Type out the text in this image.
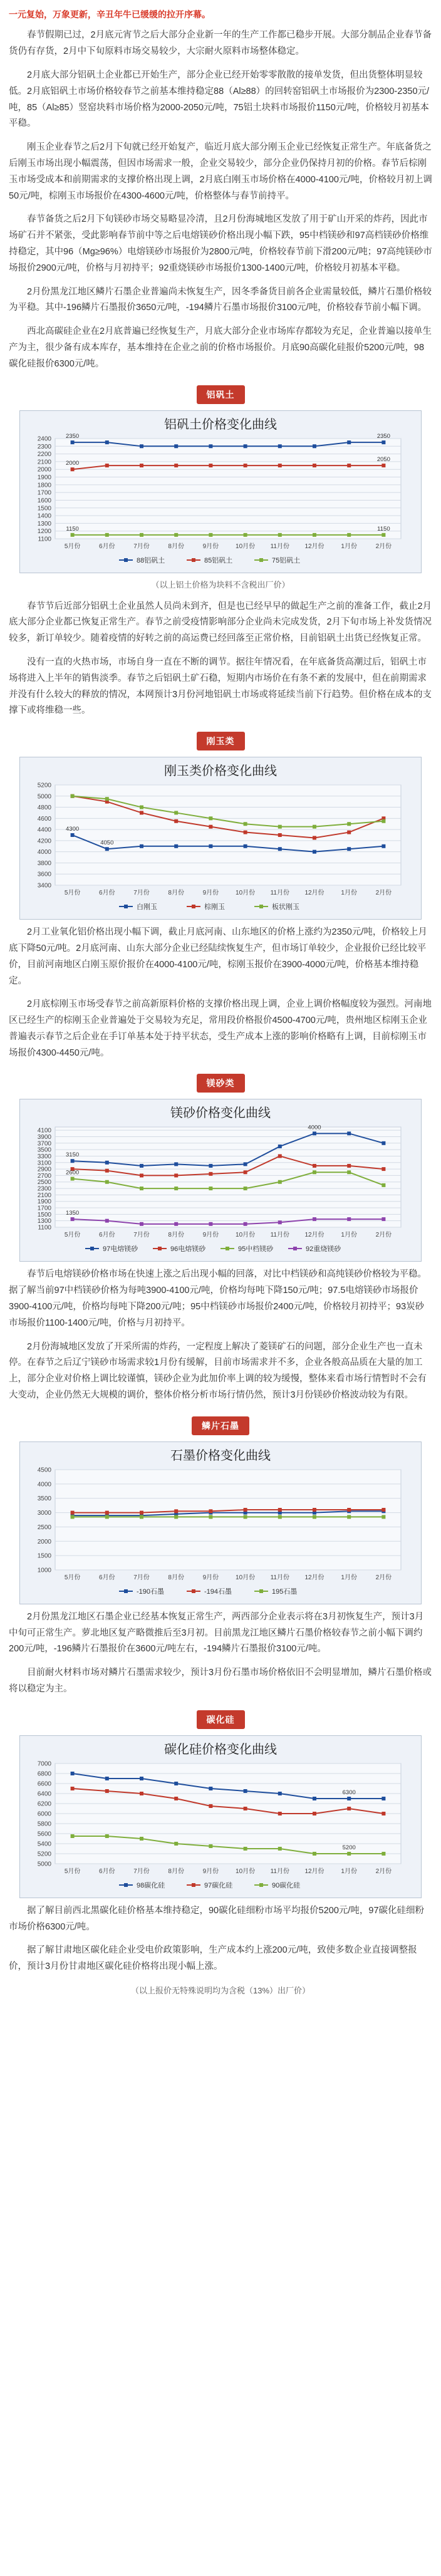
一元复始，万象更新，辛丑年牛已缓缓的拉开序幕。

春节假期已过，2月底元宵节之后大部分企业新一年的生产工作都已稳步开展。大部分制品企业春节备货仍有存货，2月中下旬原料市场交易较少，大宗耐火原料市场整体稳定。

2月底大部分铝矾土企业都已开始生产，部分企业已经开始零零散散的接单发货，但出货整体明显较低。2月底铝矾土市场价格较春节之前基本维持稳定88（Al≥88）的回转窑铝矾土市场报价为2300-2350元/吨，85（Al≥85）竖窑块料市场价格为2000-2050元/吨，75铝土块料市场报价1150元/吨，价格较月初基本平稳。

刚玉企业春节之后2月下旬就已经开始复产，临近月底大部分刚玉企业已经恢复正常生产。年底备货之后刚玉市场出现小幅震荡，但因市场需求一般，企业交易较少，部分企业仍保持月初的价格。春节后棕刚玉市场受成本和前期需求的支撑价格出现上调，2月底白刚玉市场价格在4000-4100元/吨，价格较月初上调50元/吨，棕刚玉市场报价在4300-4600元/吨，价格整体与春节前持平。

春节备货之后2月下旬镁砂市场交易略显冷清，且2月份海城地区发放了用于矿山开采的炸药，因此市场矿石并不紧张，受此影响春节前中等之后电熔镁砂价格出现小幅下跌，95中档镁砂和97高档镁砂价格维持稳定，其中96（Mg≥96%）电熔镁砂市场报价为2800元/吨，价格较春节前下滑200元/吨；97高纯镁砂市场报价2900元/吨，价格与月初持平；92重烧镁砂市场报价1300-1400元/吨，价格较月初基本平稳。

2月份黑龙江地区鳞片石墨企业普遍尚未恢复生产，因冬季备货目前各企业需量较低，鳞片石墨价格较为平稳。其中-196鳞片石墨报价3650元/吨，-194鳞片石墨市场报价3100元/吨，价格较春节前小幅下调。

西北高碳硅企业在2月底普遍已经恢复生产，月底大部分企业市场库存都较为充足，企业普遍以接单生产为主，很少备有成本库存，基本维持在企业之前的价格市场报价。月底90高碳化硅报价5200元/吨，98碳化硅报价6300元/吨。

铝矾土
铝矾土价格变化曲线
1100
1200
1300
1400
1500
1600
1700
1800
1900
2000
2100
2200
2300
2400
5月份	6月份	7月份	8月份	9月份	10月份 11月份 12月份	1月份	2月份
2350	2350
2000
2050
1150	1150
88铝矾土	85铝矾土	75铝矾土
（以上铝土价格为块料不含税出厂价）

春节节后近部分铝矾土企业虽然人员尚未到齐，但是也已经早早的做起生产之前的准备工作，截止2月底大部分企业都已恢复正常生产。春节之前受疫情影响部分企业尚未完成发货，2月下旬市场上补发货情况较多，新订单较少。随着疫情的好转之前的高运费已经回落至正常价格，目前铝矾土出货已经恢复正常。

没有一直的火热市场，市场自身一直在不断的调节。据往年情况看，在年底备货高潮过后，铝矾土市场将进入上半年的销售淡季。春节之后铝矾土矿石稳，短期内市场价在有条不紊的发展中，但在前期需求并没有什么较大的释放的情况，本网预计3月份河地铝矾土市场或将延续当前下行趋势。但价格在成本的支撑下或将维稳一些。

刚玉类
刚玉类价格变化曲线
3400
3600
3800
4000
4200
4400
4600
4800
5000
5200
5月份	6月份	7月份	8月份	9月份	10月份 11月份 12月份	1月份	2月份
4300
4050
白刚玉	棕刚玉	板状刚玉

2月工业氧化铝价格出现小幅下调，截止月底河南、山东地区的价格上涨约为2350元/吨，价格较上月底下降50元/吨。2月底河南、山东大部分企业已经陆续恢复生产，但市场订单较少，企业报价已经比较平价，目前河南地区白刚玉原价报价在4000-4100元/吨，棕刚玉报价在3900-4000元/吨，价格基本维持稳定。

2月底棕刚玉市场受春节之前高新原料价格的支撑价格出现上调，企业上调价格幅度较为强烈。河南地区已经生产的棕刚玉企业普遍处于交易较为充足，常用段价格报价4500-4700元/吨，贵州地区棕刚玉企业普遍表示春节之后企业在手订单基本处于持平状态，受生产成本上涨的影响价格略有上调，目前棕刚玉市场报价4300-4450元/吨。

镁砂类
镁砂价格变化曲线
1100
1300
1500
1700
1900
2100
2300
2500
2700
2900
3100
3300
3500
3700
3900
4100
5月份	6月份	7月份	8月份	9月份	10月份 11月份 12月份	1月份	2月份
3150
4000
2600
1350
97电熔镁砂	96电熔镁砂	95中档镁砂	92重烧镁砂

春节后电熔镁砂价格市场在快速上涨之后出现小幅的回落，对比中档镁砂和高纯镁砂价格较为平稳。据了解当前97中档镁砂价格为每吨3900-4100元/吨，价格均每吨下降150元/吨；97.5电熔镁砂市场报价3900-4100元/吨，价格均每吨下降200元/吨；95中档镁砂市场报价2400元/吨，价格较月初持平；93炭砂市场报价1100-1400元/吨，价格与月初持平。

2月份海城地区发放了开采所需的炸药，一定程度上解决了菱镁矿石的问题，部分企业生产也一直未停。在春节之后辽宁镁砂市场需求较1月份有缓解，目前市场需求并不多，企业各般高品质在大量的加工上，部分企业对价格上调比较谨慎，镁砂企业为此加价率上调的较为缓慢，整体来看市场行情暂时不会有大变动，企业仍然无大规模的调价，整体价格分析市场行情仍然，预计3月份镁砂价格波动较为有限。

鳞片石墨
石墨价格变化曲线
1000
1500
2000
2500
3000
3500
4000
4500
5月份	6月份	7月份	8月份	9月份	10月份 11月份 12月份	1月份	2月份
-190石墨	-194石墨	195石墨

2月份黑龙江地区石墨企业已经基本恢复正常生产，两西部分企业表示将在3月初恢复生产，预计3月中旬可正常生产。萝北地区复产略微推后至3月初。目前黑龙江地区鳞片石墨价格较春节之前小幅下调约200元/吨，-196鳞片石墨报价在3600元/吨左右，-194鳞片石墨报价3100元/吨。

目前耐火材料市场对鳞片石墨需求较少，预计3月份石墨市场价格依旧不会明显增加，鳞片石墨价格或将以稳定为主。

碳化硅
碳化硅价格变化曲线
5000
5200
5400
5600
5800
6000
6200
6400
6600
6800
7000
5月份	6月份	7月份	8月份	9月份	10月份 11月份 12月份	1月份	2月份
6300
5200
98碳化硅	97碳化硅	90碳化硅

据了解目前西北黑碳化硅价格基本维持稳定，90碳化硅细粉市场平均报价5200元/吨，97碳化硅细粉市场价格6300元/吨。

据了解甘肃地区碳化硅企业受电价政策影响，生产成本约上涨200元/吨，致使多数企业直接调整报价，预计3月份甘肃地区碳化硅价格将出现小幅上涨。

（以上报价无特殊说明均为含税（13%）出厂价）
